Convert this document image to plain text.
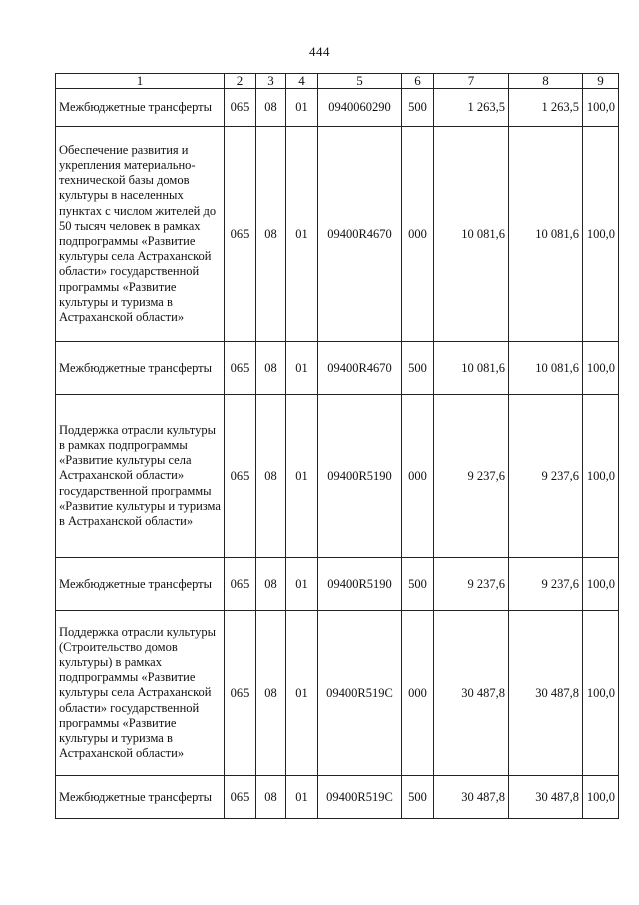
444
1	2	3	4	5	6	7	8	9
Межбюджетные трансферты	065	08	01	0940060290	500	1 263,5	1 263,5	100,0
Обеспечение развития и укрепления материально-технической базы домов культуры в населенных пунктах с числом жителей до 50 тысяч человек в рамках подпрограммы «Развитие культуры села Астраханской области» государственной программы «Развитие культуры и туризма в Астраханской области»	065	08	01	09400R4670	000	10 081,6	10 081,6	100,0
Межбюджетные трансферты	065	08	01	09400R4670	500	10 081,6	10 081,6	100,0
Поддержка отрасли культуры в рамках подпрограммы «Развитие культуры села Астраханской области» государственной программы «Развитие культуры и туризма в Астраханской области»	065	08	01	09400R5190	000	9 237,6	9 237,6	100,0
Межбюджетные трансферты	065	08	01	09400R5190	500	9 237,6	9 237,6	100,0
Поддержка отрасли культуры (Строительство домов культуры) в рамках подпрограммы «Развитие культуры села Астраханской области» государственной программы «Развитие культуры и туризма в Астраханской области»	065	08	01	09400R519C	000	30 487,8	30 487,8	100,0
Межбюджетные трансферты	065	08	01	09400R519C	500	30 487,8	30 487,8	100,0
